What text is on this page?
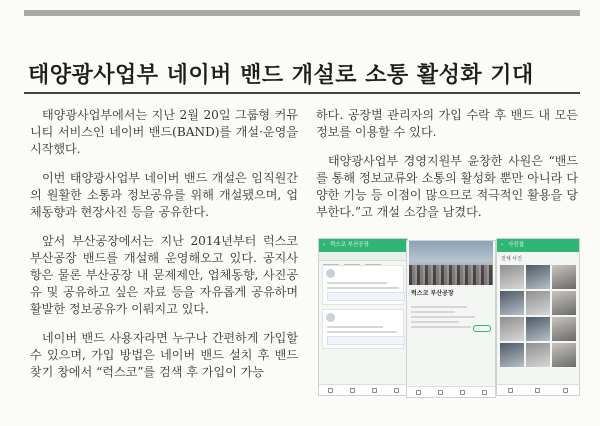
태양광사업부 네이버 밴드 개설로 소통 활성화 기대

태양광사업부에서는 지난 2월 20일 그룹형 커뮤니티 서비스인 네이버 밴드(BAND)를 개설·운영을 시작했다.

이번 태양광사업부 네이버 밴드 개설은 임직원간의 원활한 소통과 정보공유를 위해 개설됐으며, 업체동향과 현장사진 등을 공유한다.

앞서 부산공장에서는 지난 2014년부터 럭스코 부산공장 밴드를 개설해 운영해오고 있다. 공지사항은 물론 부산공장 내 문제제안, 업체동향, 사진공유 및 공유하고 싶은 자료 등을 자유롭게 공유하며 활발한 정보공유가 이뤄지고 있다.

네이버 밴드 사용자라면 누구나 간편하게 가입할 수 있으며, 가입 방법은 네이버 밴드 설치 후 밴드 찾기 창에서 “럭스코”를 검색 후 가입이 가능

하다. 공장별 관리자의 가입 수락 후 밴드 내 모든 정보를 이용할 수 있다.

태양광사업부 경영지원부 윤창한 사원은 “밴드를 통해 정보교류와 소통의 활성화 뿐만 아니라 다양한 기능 등 이점이 많으므로 적극적인 활용을 당부한다.”고 개설 소감을 남겼다.

‹ 럭스코 부산공장
럭스코 부산공장
‹ 사진첩
전체 사진
